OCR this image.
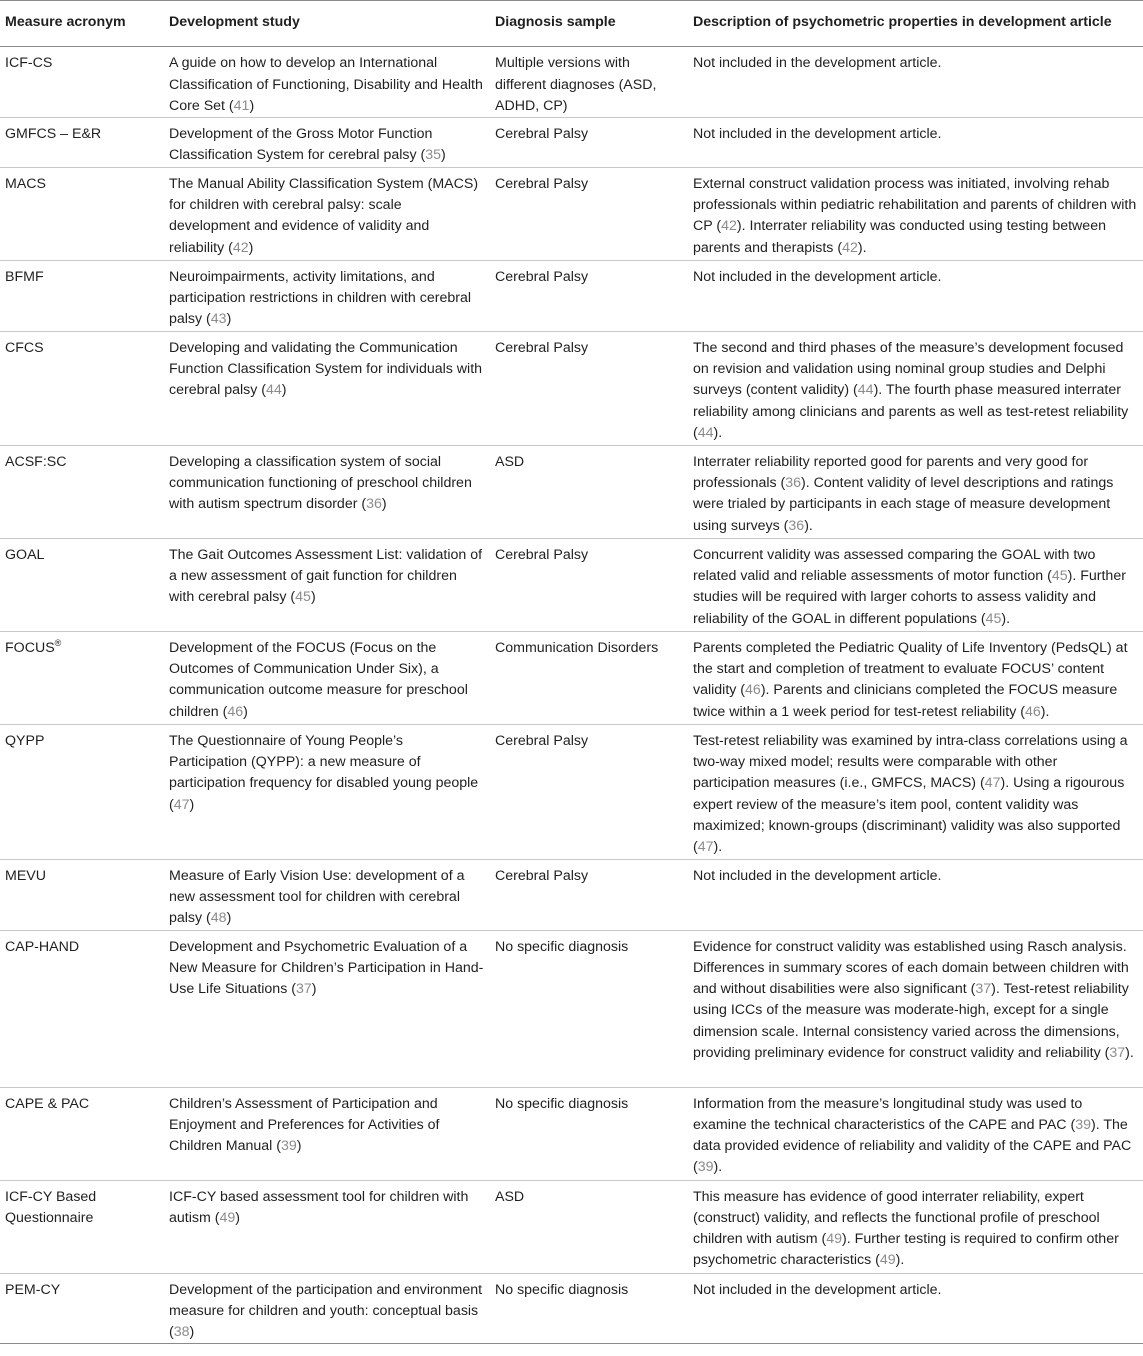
Measure acronym	Development study	Diagnosis sample	Description of psychometric properties in development article
ICF-CS	A guide on how to develop an International Classification of Functioning, Disability and Health Core Set (41)	Multiple versions with different diagnoses (ASD, ADHD, CP)	Not included in the development article.
GMFCS – E&R	Development of the Gross Motor Function Classification System for cerebral palsy (35)	Cerebral Palsy	Not included in the development article.
MACS	The Manual Ability Classification System (MACS) for children with cerebral palsy: scale development and evidence of validity and reliability (42)	Cerebral Palsy	External construct validation process was initiated, involving rehab professionals within pediatric rehabilitation and parents of children with CP (42). Interrater reliability was conducted using testing between parents and therapists (42).
BFMF	Neuroimpairments, activity limitations, and participation restrictions in children with cerebral palsy (43)	Cerebral Palsy	Not included in the development article.
CFCS	Developing and validating the Communication Function Classification System for individuals with cerebral palsy (44)	Cerebral Palsy	The second and third phases of the measure’s development focused on revision and validation using nominal group studies and Delphi surveys (content validity) (44). The fourth phase measured interrater reliability among clinicians and parents as well as test-retest reliability (44).
ACSF:SC	Developing a classification system of social communication functioning of preschool children with autism spectrum disorder (36)	ASD	Interrater reliability reported good for parents and very good for professionals (36). Content validity of level descriptions and ratings were trialed by participants in each stage of measure development using surveys (36).
GOAL	The Gait Outcomes Assessment List: validation of a new assessment of gait function for children with cerebral palsy (45)	Cerebral Palsy	Concurrent validity was assessed comparing the GOAL with two related valid and reliable assessments of motor function (45). Further studies will be required with larger cohorts to assess validity and reliability of the GOAL in different populations (45).
FOCUS®	Development of the FOCUS (Focus on the Outcomes of Communication Under Six), a communication outcome measure for preschool children (46)	Communication Disorders	Parents completed the Pediatric Quality of Life Inventory (PedsQL) at the start and completion of treatment to evaluate FOCUS’ content validity (46). Parents and clinicians completed the FOCUS measure twice within a 1 week period for test-retest reliability (46).
QYPP	The Questionnaire of Young People’s Participation (QYPP): a new measure of participation frequency for disabled young people (47)	Cerebral Palsy	Test-retest reliability was examined by intra-class correlations using a two-way mixed model; results were comparable with other participation measures (i.e., GMFCS, MACS) (47). Using a rigourous expert review of the measure’s item pool, content validity was maximized; known-groups (discriminant) validity was also supported (47).
MEVU	Measure of Early Vision Use: development of a new assessment tool for children with cerebral palsy (48)	Cerebral Palsy	Not included in the development article.
CAP-HAND	Development and Psychometric Evaluation of a New Measure for Children’s Participation in Hand-Use Life Situations (37)	No specific diagnosis	Evidence for construct validity was established using Rasch analysis. Differences in summary scores of each domain between children with and without disabilities were also significant (37). Test-retest reliability using ICCs of the measure was moderate-high, except for a single dimension scale. Internal consistency varied across the dimensions, providing preliminary evidence for construct validity and reliability (37).
CAPE & PAC	Children’s Assessment of Participation and Enjoyment and Preferences for Activities of Children Manual (39)	No specific diagnosis	Information from the measure’s longitudinal study was used to examine the technical characteristics of the CAPE and PAC (39). The data provided evidence of reliability and validity of the CAPE and PAC (39).
ICF-CY Based Questionnaire	ICF-CY based assessment tool for children with autism (49)	ASD	This measure has evidence of good interrater reliability, expert (construct) validity, and reflects the functional profile of preschool children with autism (49). Further testing is required to confirm other psychometric characteristics (49).
PEM-CY	Development of the participation and environment measure for children and youth: conceptual basis (38)	No specific diagnosis	Not included in the development article.
